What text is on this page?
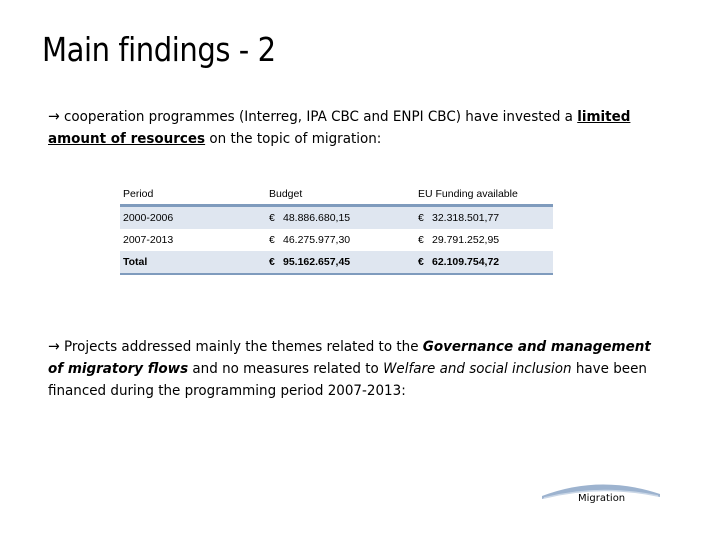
Main findings - 2
→ cooperation programmes (Interreg, IPA CBC and ENPI CBC) have invested a limited amount of resources on the topic of migration:
Period	Budget	EU Funding available
2000-2006	€ 48.886.680,15	€ 32.318.501,77
2007-2013	€ 46.275.977,30	€ 29.791.252,95
Total	€ 95.162.657,45	€ 62.109.754,72
→ Projects addressed mainly the themes related to the Governance and management of migratory flows and no measures related to Welfare and social inclusion have been financed during the programming period 2007-2013:
Migration
